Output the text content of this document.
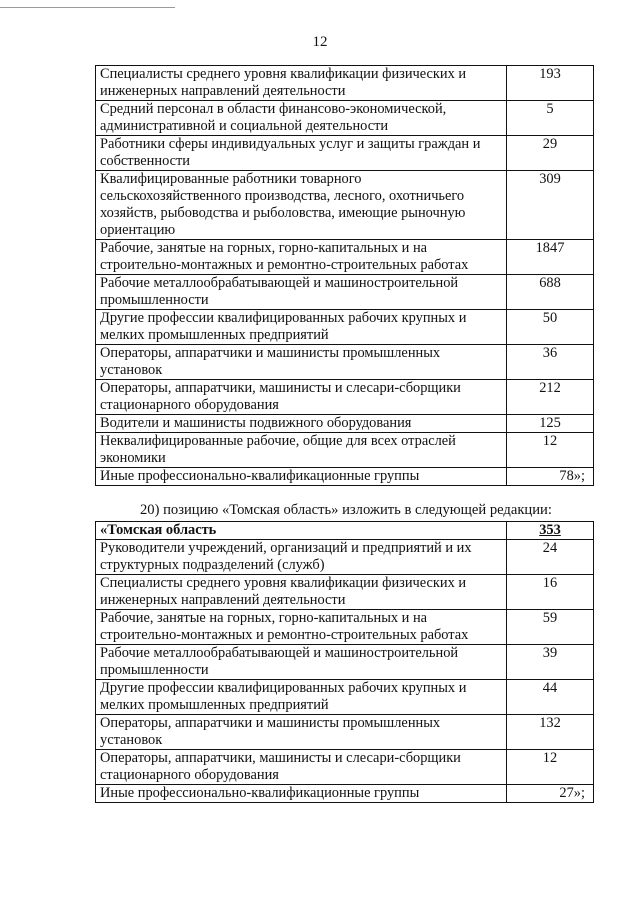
12
Специалисты среднего уровня квалификации физических и инженерных направлений деятельности	193
Средний персонал в области финансово-экономической, административной и социальной деятельности	5
Работники сферы индивидуальных услуг и защиты граждан и собственности	29
Квалифицированные работники товарного сельскохозяйственного производства, лесного, охотничьего хозяйств, рыбоводства и рыболовства, имеющие рыночную ориентацию	309
Рабочие, занятые на горных, горно-капитальных и на строительно-монтажных и ремонтно-строительных работах	1847
Рабочие металлообрабатывающей и машиностроительной промышленности	688
Другие профессии квалифицированных рабочих крупных и мелких промышленных предприятий	50
Операторы, аппаратчики и машинисты промышленных установок	36
Операторы, аппаратчики, машинисты и слесари-сборщики стационарного оборудования	212
Водители и машинисты подвижного оборудования	125
Неквалифицированные рабочие, общие для всех отраслей экономики	12
Иные профессионально-квалификационные группы	78»;
20) позицию «Томская область» изложить в следующей редакции:
«Томская область	353
Руководители учреждений, организаций и предприятий и их структурных подразделений (служб)	24
Специалисты среднего уровня квалификации физических и инженерных направлений деятельности	16
Рабочие, занятые на горных, горно-капитальных и на строительно-монтажных и ремонтно-строительных работах	59
Рабочие металлообрабатывающей и машиностроительной промышленности	39
Другие профессии квалифицированных рабочих крупных и мелких промышленных предприятий	44
Операторы, аппаратчики и машинисты промышленных установок	132
Операторы, аппаратчики, машинисты и слесари-сборщики стационарного оборудования	12
Иные профессионально-квалификационные группы	27»;
